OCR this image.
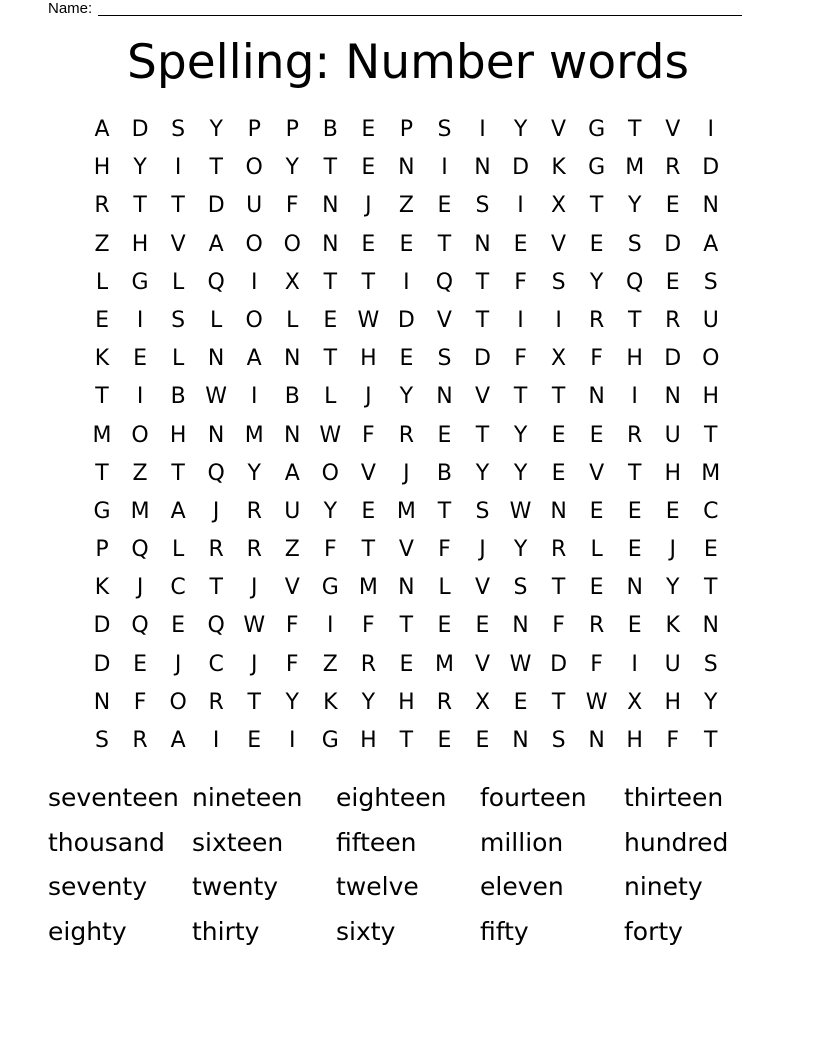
Name:
Spelling: Number words
A	D	S	Y	P	P	B	E	P	S	I	Y	V G	T	V	I
H	Y	I	T	O	Y	T	E	N	I	N D	K	G M R D
R	T	T	D U	F	N	J	Z	E	S	I	X	T	Y	E	N
Z	H	V	A O O N	E	E	T	N	E	V	E	S	D	A
L	G	L	Q	I	X	T	T	I	Q	T	F	S	Y	Q	E	S
E	I	S	L	O	L	E W D	V	T	I	I	R	T	R	U
K	E	L	N	A	N	T	H	E	S	D	F	X	F	H D O
T	I	B W	I	B	L	J	Y	N	V	T	T	N	I	N H
M O H N M N W F	R	E	T	Y	E	E	R	U	T
T	Z	T	Q	Y	A O V	J	B	Y	Y	E	V	T	H M
G M A	J	R	U	Y	E M T	S W N	E	E	E	C
P	Q	L	R	R	Z	F	T	V	F	J	Y	R	L	E	J	E
K	J	C	T	J	V G M N	L	V	S	T	E	N	Y	T
D Q	E	Q W F	I	F	T	E	E	N	F	R	E	K	N
D	E	J	C	J	F	Z	R	E M V W D	F	I	U	S
N	F	O R	T	Y	K	Y	H	R	X	E	T W X	H	Y
S	R	A	I	E	I	G H	T	E	E	N	S	N H	F	T
seventeen nineteen	eighteen	fourteen	thirteen
thousand	sixteen	fifteen	million	hundred
seventy	twenty	twelve	eleven	ninety
eighty	thirty	sixty	fifty	forty
